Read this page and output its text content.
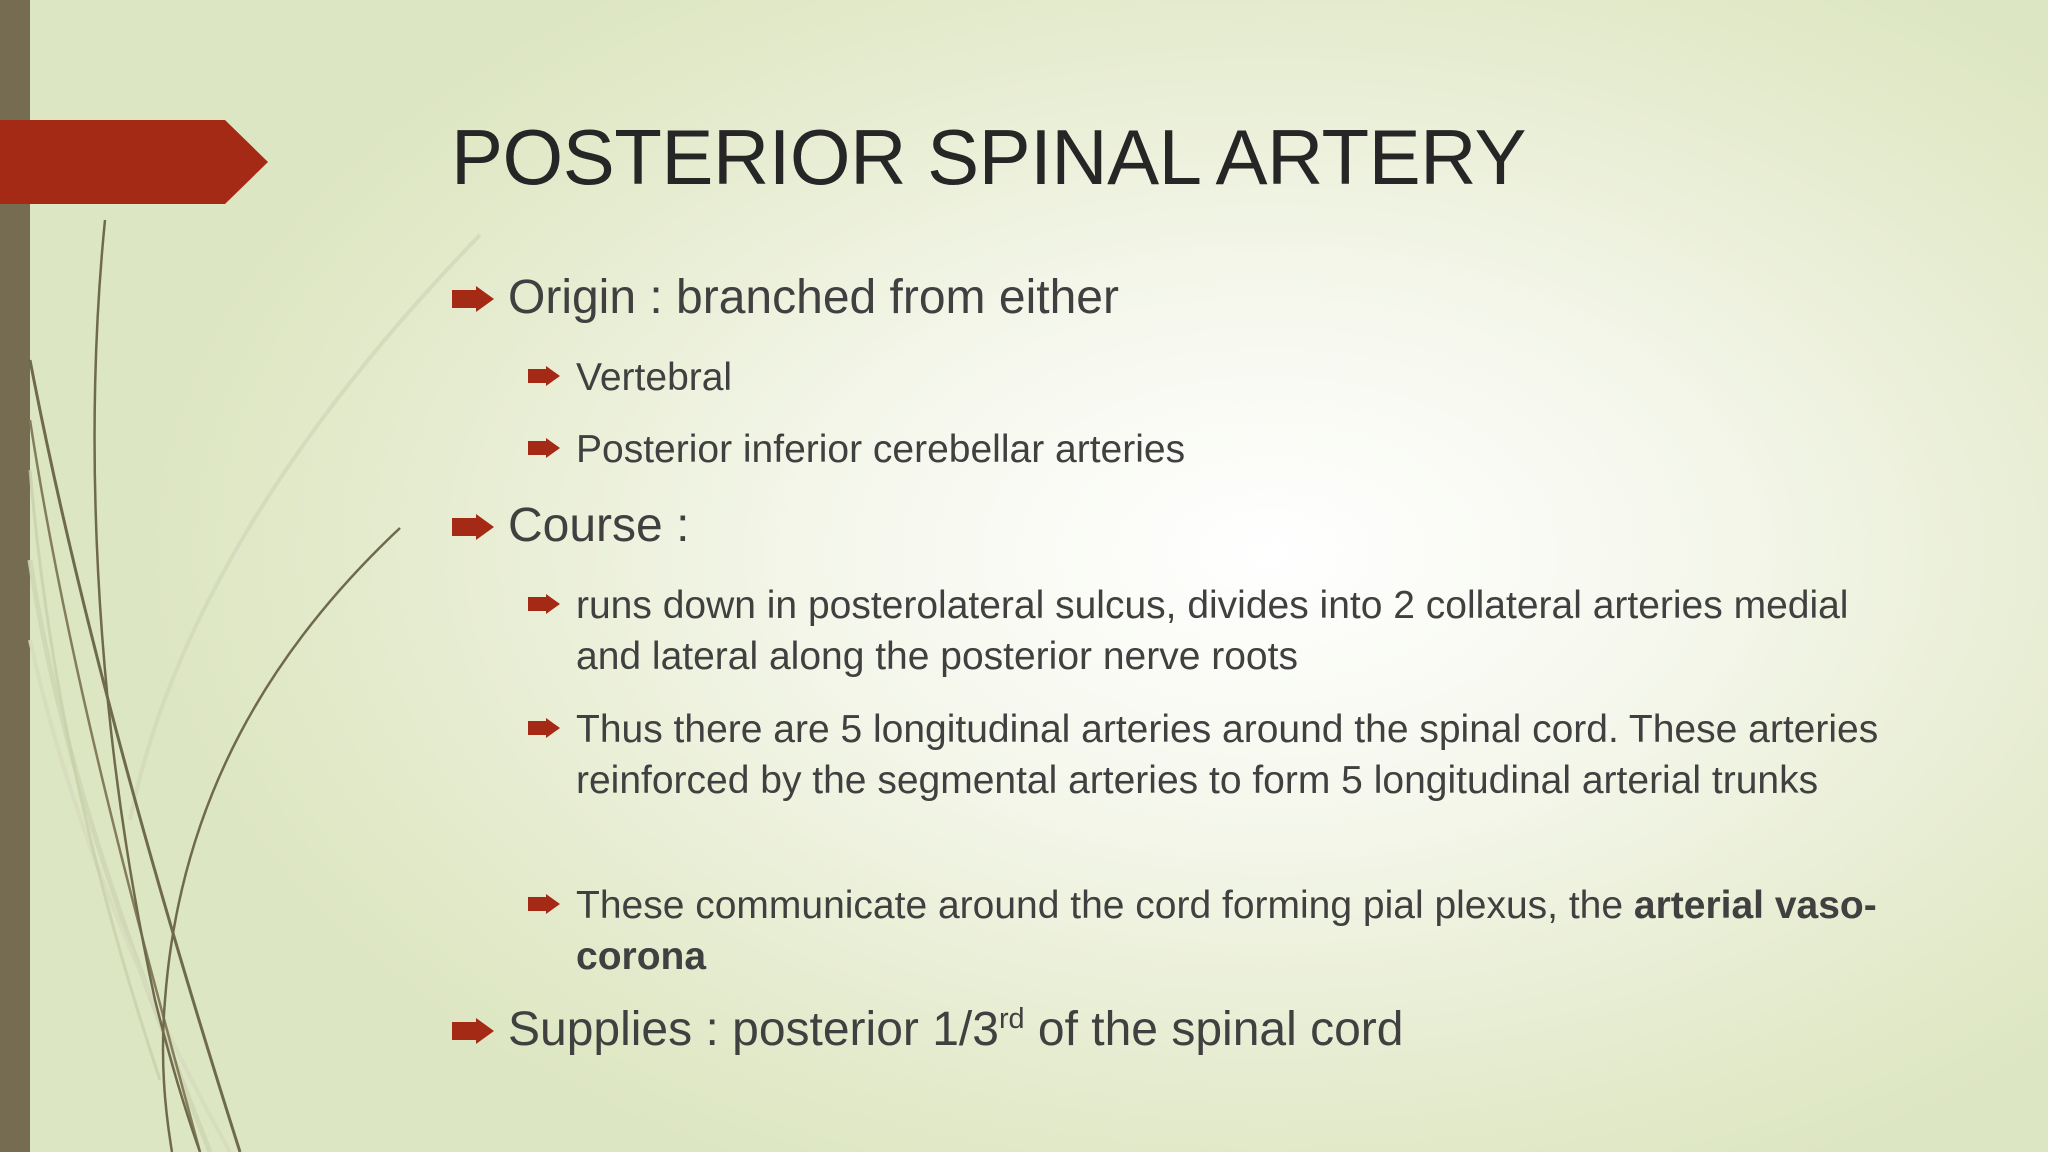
POSTERIOR SPINAL ARTERY
Origin : branched from either
Vertebral
Posterior inferior cerebellar arteries
Course :
runs down in posterolateral sulcus, divides into 2 collateral arteries medial and lateral along the posterior nerve roots
Thus there are 5 longitudinal arteries around the spinal cord. These arteries reinforced by the segmental arteries to form 5 longitudinal arterial trunks
These communicate around the cord forming pial plexus, the arterial vaso-corona
Supplies : posterior 1/3rd of the spinal cord
